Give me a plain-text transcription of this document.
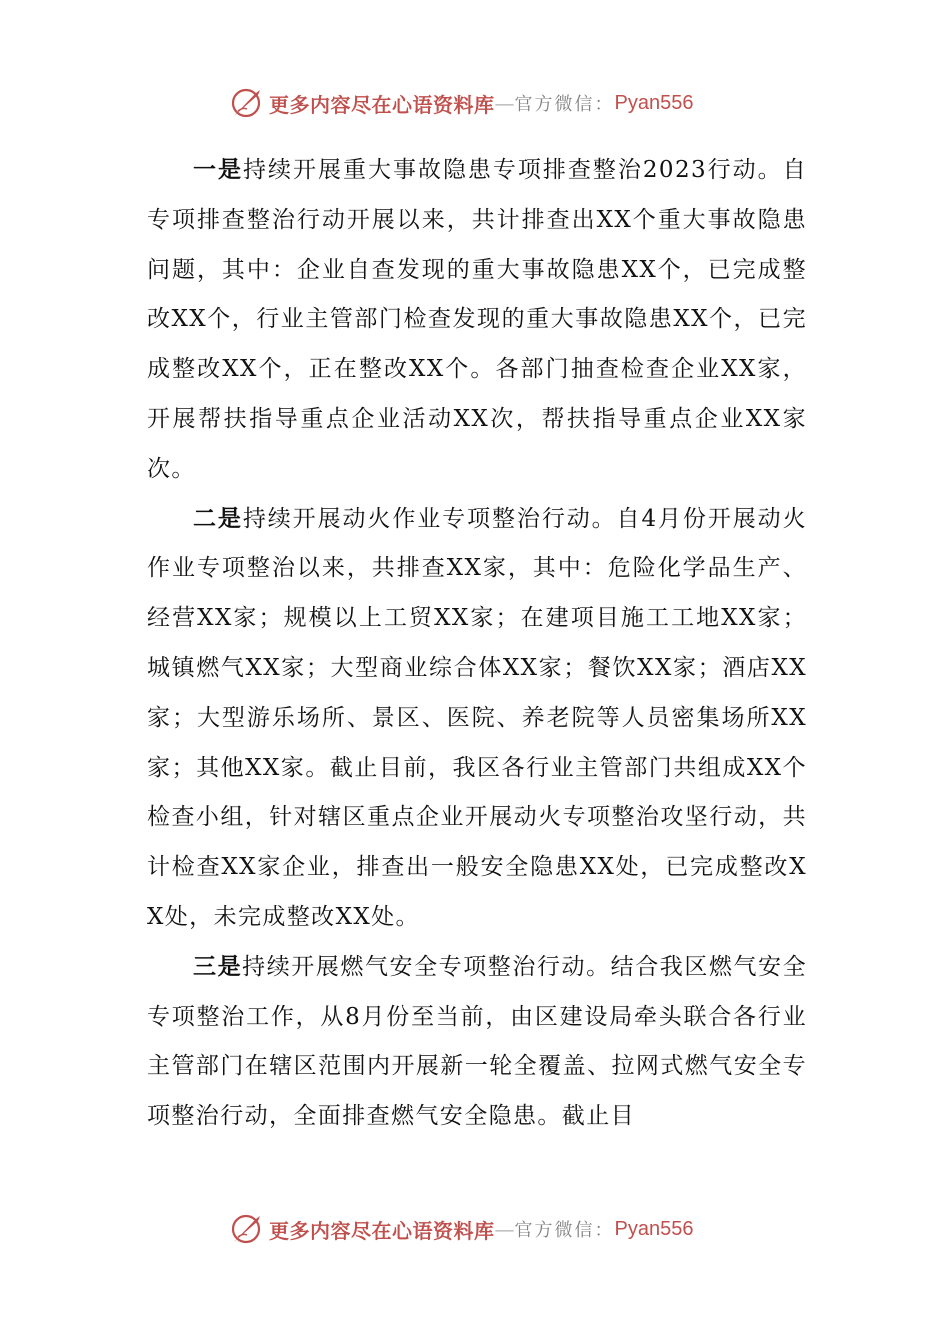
更多内容尽在心语资料库 — 官方微信： Pyan556

一是持续开展重大事故隐患专项排查整治2023行动。自专项排查整治行动开展以来，共计排查出XX个重大事故隐患问题，其中：企业自查发现的重大事故隐患XX个，已完成整改XX个，行业主管部门检查发现的重大事故隐患XX个，已完成整改XX个，正在整改XX个。各部门抽查检查企业XX家，开展帮扶指导重点企业活动XX次，帮扶指导重点企业XX家次。

二是持续开展动火作业专项整治行动。自4月份开展动火作业专项整治以来，共排查XX家，其中：危险化学品生产、经营XX家；规模以上工贸XX家；在建项目施工工地XX家；城镇燃气XX家；大型商业综合体XX家；餐饮XX家；酒店XX家；大型游乐场所、景区、医院、养老院等人员密集场所XX家；其他XX家。截止目前，我区各行业主管部门共组成XX个检查小组，针对辖区重点企业开展动火专项整治攻坚行动，共计检查XX家企业，排查出一般安全隐患XX处，已完成整改XX处，未完成整改XX处。

三是持续开展燃气安全专项整治行动。结合我区燃气安全专项整治工作，从8月份至当前，由区建设局牵头联合各行业主管部门在辖区范围内开展新一轮全覆盖、拉网式燃气安全专项整治行动，全面排查燃气安全隐患。截止目

更多内容尽在心语资料库 — 官方微信： Pyan556
